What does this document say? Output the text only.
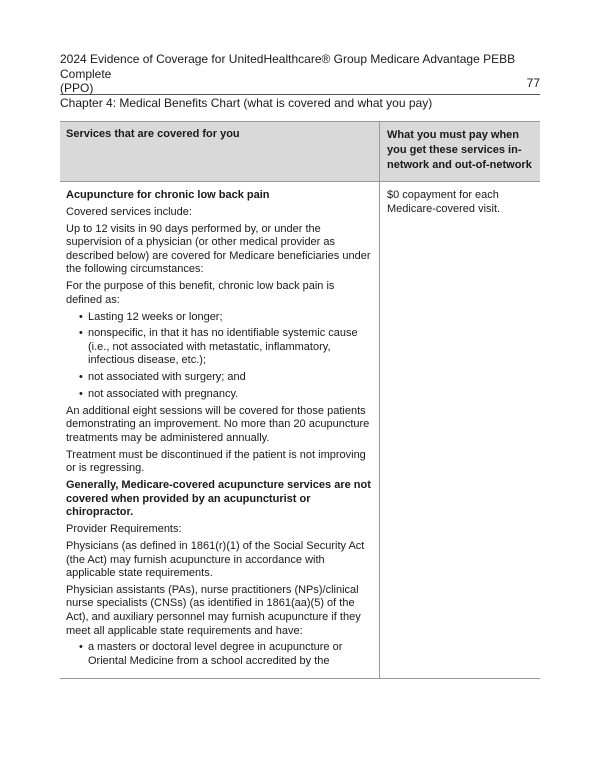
2024 Evidence of Coverage for UnitedHealthcare® Group Medicare Advantage PEBB Complete
(PPO)
Chapter 4: Medical Benefits Chart (what is covered and what you pay)
77
Services that are covered for you	What you must pay when you get these services in-network and out-of-network

Acupuncture for chronic low back pain

Covered services include:

Up to 12 visits in 90 days performed by, or under the supervision of a physician (or other medical provider as described below) are covered for Medicare beneficiaries under the following circumstances:

For the purpose of this benefit, chronic low back pain is defined as:

• Lasting 12 weeks or longer;
• nonspecific, in that it has no identifiable systemic cause (i.e., not associated with metastatic, inflammatory, infectious disease, etc.);
• not associated with surgery; and
• not associated with pregnancy.

An additional eight sessions will be covered for those patients demonstrating an improvement. No more than 20 acupuncture treatments may be administered annually.

Treatment must be discontinued if the patient is not improving or is regressing.

Generally, Medicare-covered acupuncture services are not covered when provided by an acupuncturist or chiropractor.

Provider Requirements:

Physicians (as defined in 1861(r)(1) of the Social Security Act (the Act) may furnish acupuncture in accordance with applicable state requirements.

Physician assistants (PAs), nurse practitioners (NPs)/clinical nurse specialists (CNSs) (as identified in 1861(aa)(5) of the Act), and auxiliary personnel may furnish acupuncture if they meet all applicable state requirements and have:

• a masters or doctoral level degree in acupuncture or Oriental Medicine from a school accredited by the
$0 copayment for each
Medicare-covered visit.
